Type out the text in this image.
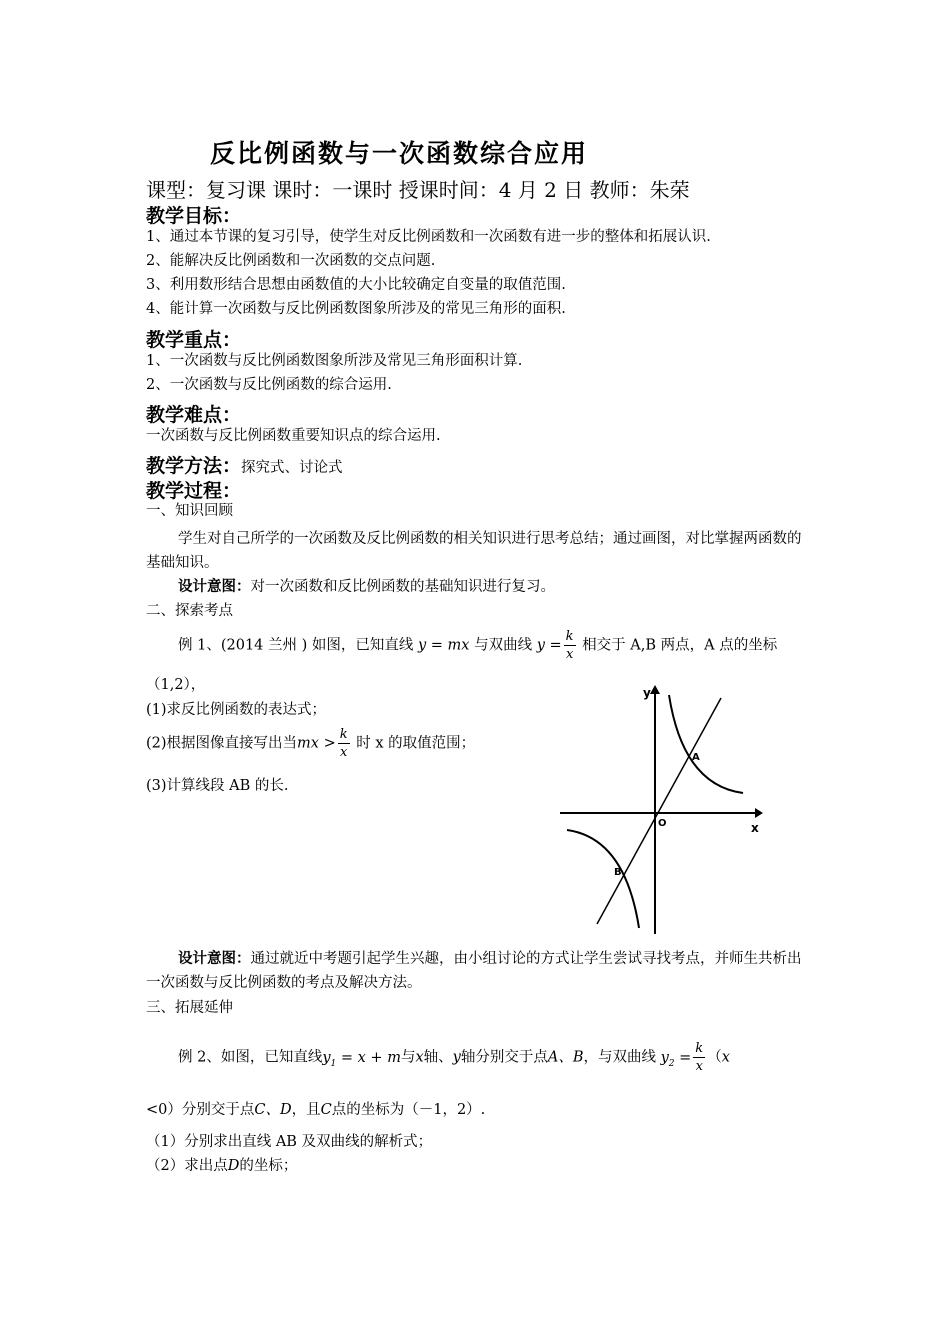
反比例函数与一次函数综合应用
课型：复习课 课时：一课时 授课时间：4 月 2 日 教师：朱荣
教学目标：
1、通过本节课的复习引导，使学生对反比例函数和一次函数有进一步的整体和拓展认识.
2、能解决反比例函数和一次函数的交点问题.
3、利用数形结合思想由函数值的大小比较确定自变量的取值范围.
4、能计算一次函数与反比例函数图象所涉及的常见三角形的面积.
教学重点：
1、一次函数与反比例函数图象所涉及常见三角形面积计算.
2、一次函数与反比例函数的综合运用.
教学难点：
一次函数与反比例函数重要知识点的综合运用.
教学方法：探究式、讨论式
教学过程：
一、知识回顾
学生对自己所学的一次函数及反比例函数的相关知识进行思考总结；通过画图，对比掌握两函数的基础知识。
设计意图：对一次函数和反比例函数的基础知识进行复习。
二、探索考点
例 1、(2014 兰州 ) 如图，已知直线 y = mx 与双曲线 $y = \frac{k}{x}$ 相交于 A,B 两点，A 点的坐标
（1,2），
(1)求反比例函数的表达式；
(2)根据图像直接写出当mx > $\frac{k}{x}$ 时 x 的取值范围；
(3)计算线段 AB 的长.
y
O
A
B
x
设计意图：通过就近中考题引起学生兴趣，由小组讨论的方式让学生尝试寻找考点，并师生共析出一次函数与反比例函数的考点及解决方法。
三、拓展延伸
例 2、如图，已知直线$y_1 = x + m$与x轴、y轴分别交于点A、B，与双曲线 $y_2 = \frac{k}{x} (x$
<0）分别交于点C、D，且C点的坐标为（－1，2）.
（1）分别求出直线 AB 及双曲线的解析式；
（2）求出点D的坐标；
